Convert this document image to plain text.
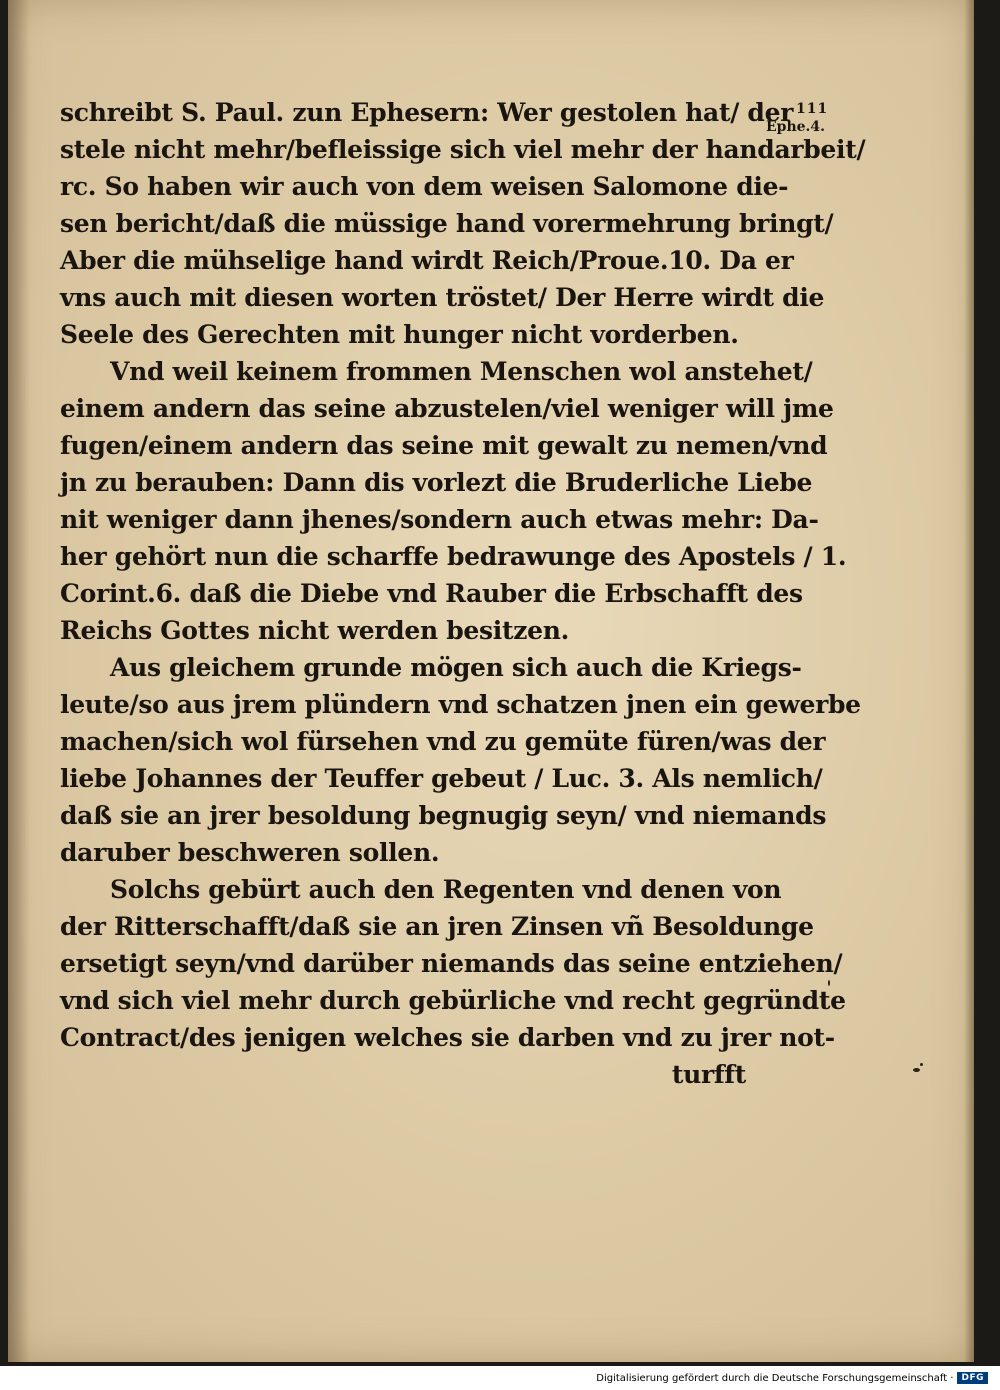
111
Ephe.4.
schreibt S. Paul. zun Ephesern: Wer gestolen hat/ der
stele nicht mehr/befleissige sich viel mehr der handarbeit/
rc. So haben wir auch von dem weisen Salomone die-
sen bericht/daß die müssige hand vorermehrung bringt/
Aber die mühselige hand wirdt Reich/Proue.10. Da er
vns auch mit diesen worten tröstet/ Der Herre wirdt die
Seele des Gerechten mit hunger nicht vorderben.
Vnd weil keinem frommen Menschen wol anstehet/
einem andern das seine abzustelen/viel weniger will jme
fugen/einem andern das seine mit gewalt zu nemen/vnd
jn zu berauben: Dann dis vorlezt die Bruderliche Liebe
nit weniger dann jhenes/sondern auch etwas mehr: Da-
her gehört nun die scharffe bedrawunge des Apostels / 1.
Corint.6. daß die Diebe vnd Rauber die Erbschafft des
Reichs Gottes nicht werden besitzen.
Aus gleichem grunde mögen sich auch die Kriegs-
leute/so aus jrem plündern vnd schatzen jnen ein gewerbe
machen/sich wol fürsehen vnd zu gemüte füren/was der
liebe Johannes der Teuffer gebeut / Luc. 3. Als nemlich/
daß sie an jrer besoldung begnugig seyn/ vnd niemands
daruber beschweren sollen.
Solchs gebürt auch den Regenten vnd denen von
der Ritterschafft/daß sie an jren Zinsen vñ Besoldunge
ersetigt seyn/vnd darüber niemands das seine entziehen/
vnd sich viel mehr durch gebürliche vnd recht gegründte
Contract/des jenigen welches sie darben vnd zu jrer not-
turfft
Digitalisierung gefördert durch die Deutsche Forschungsgemeinschaft · DFG
